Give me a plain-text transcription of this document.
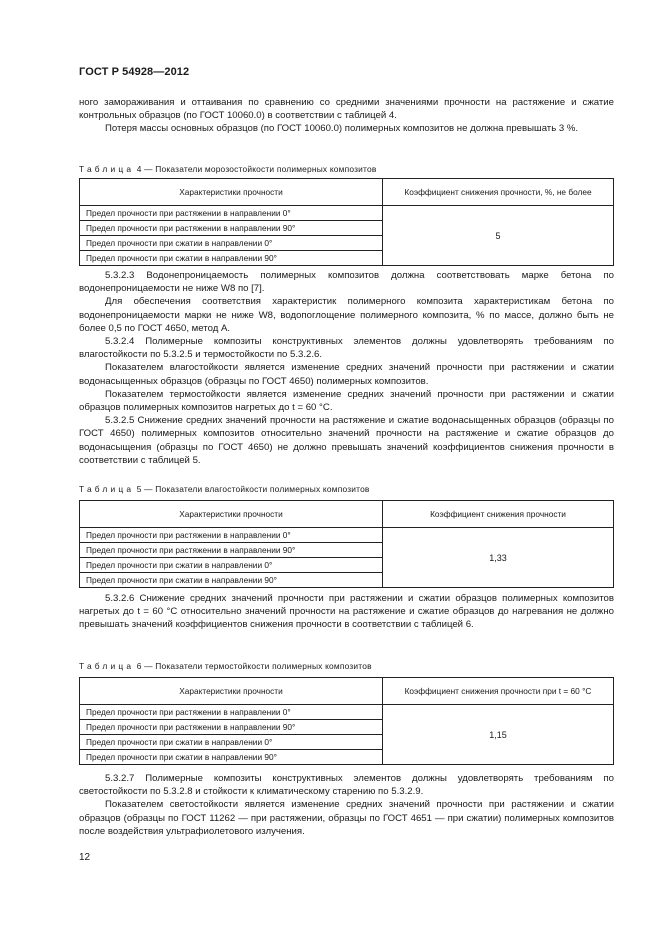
ГОСТ Р 54928—2012

ного замораживания и оттаивания по сравнению со средними значениями прочности на растяжение и сжатие контрольных образцов (по ГОСТ 10060.0) в соответствии с таблицей 4.

Потеря массы основных образцов (по ГОСТ 10060.0) полимерных композитов не должна превышать 3 %.

Таблица 4 — Показатели морозостойкости полимерных композитов
Характеристики прочности	Коэффициент снижения прочности, %, не более
Предел прочности при растяжении в направлении 0°	5
Предел прочности при растяжении в направлении 90°	
Предел прочности при сжатии в направлении 0°	
Предел прочности при сжатии в направлении 90°	

5.3.2.3 Водонепроницаемость полимерных композитов должна соответствовать марке бетона по водонепроницаемости не ниже W8 по [7].

Для обеспечения соответствия характеристик полимерного композита характеристикам бетона по водонепроницаемости марки не ниже W8, водопоглощение полимерного композита, % по массе, должно быть не более 0,5 по ГОСТ 4650, метод А.

5.3.2.4 Полимерные композиты конструктивных элементов должны удовлетворять требованиям по влагостойкости по 5.3.2.5 и термостойкости по 5.3.2.6.

Показателем влагостойкости является изменение средних значений прочности при растяжении и сжатии водонасыщенных образцов (образцы по ГОСТ 4650) полимерных композитов.

Показателем термостойкости является изменение средних значений прочности при растяжении и сжатии образцов полимерных композитов нагретых до t = 60 °C.

5.3.2.5 Снижение средних значений прочности на растяжение и сжатие водонасыщенных образцов (образцы по ГОСТ 4650) полимерных композитов относительно значений прочности на растяжение и сжатие образцов до водонасыщения (образцы по ГОСТ 4650) не должно превышать значений коэффициентов снижения прочности в соответствии с таблицей 5.

Таблица 5 — Показатели влагостойкости полимерных композитов
Характеристики прочности	Коэффициент снижения прочности
Предел прочности при растяжении в направлении 0°	1,33
Предел прочности при растяжении в направлении 90°	
Предел прочности при сжатии в направлении 0°	
Предел прочности при сжатии в направлении 90°	

5.3.2.6 Снижение средних значений прочности при растяжении и сжатии образцов полимерных композитов нагретых до t = 60 °С относительно значений прочности на растяжение и сжатие образцов до нагревания не должно превышать значений коэффициентов снижения прочности в соответствии с таблицей 6.

Таблица 6 — Показатели термостойкости полимерных композитов
Характеристики прочности	Коэффициент снижения прочности при t = 60 °С
Предел прочности при растяжении в направлении 0°	1,15
Предел прочности при растяжении в направлении 90°	
Предел прочности при сжатии в направлении 0°	
Предел прочности при сжатии в направлении 90°	

5.3.2.7 Полимерные композиты конструктивных элементов должны удовлетворять требованиям по светостойкости по 5.3.2.8 и стойкости к климатическому старению по 5.3.2.9.

Показателем светостойкости является изменение средних значений прочности при растяжении и сжатии образцов (образцы по ГОСТ 11262 — при растяжении, образцы по ГОСТ 4651 — при сжатии) полимерных композитов после воздействия ультрафиолетового излучения.

12
